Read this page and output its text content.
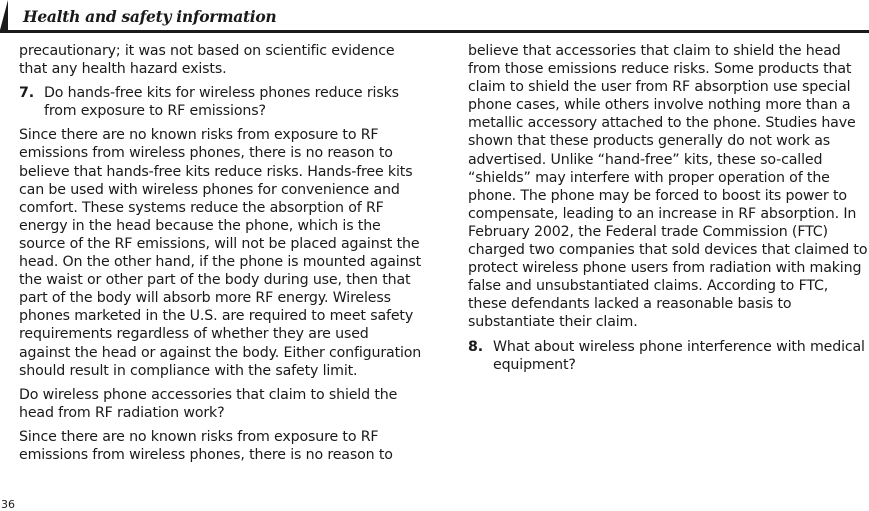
Health and safety information

precautionary; it was not based on scientific evidence that any health hazard exists.

7. Do hands-free kits for wireless phones reduce risks from exposure to RF emissions?

Since there are no known risks from exposure to RF emissions from wireless phones, there is no reason to believe that hands-free kits reduce risks. Hands-free kits can be used with wireless phones for convenience and comfort. These systems reduce the absorption of RF energy in the head because the phone, which is the source of the RF emissions, will not be placed against the head. On the other hand, if the phone is mounted against the waist or other part of the body during use, then that part of the body will absorb more RF energy. Wireless phones marketed in the U.S. are required to meet safety requirements regardless of whether they are used against the head or against the body. Either configuration should result in compliance with the safety limit.

Do wireless phone accessories that claim to shield the head from RF radiation work?

Since there are no known risks from exposure to RF emissions from wireless phones, there is no reason to

believe that accessories that claim to shield the head from those emissions reduce risks. Some products that claim to shield the user from RF absorption use special phone cases, while others involve nothing more than a metallic accessory attached to the phone. Studies have shown that these products generally do not work as advertised. Unlike “hand-free” kits, these so-called “shields” may interfere with proper operation of the phone. The phone may be forced to boost its power to compensate, leading to an increase in RF absorption. In February 2002, the Federal trade Commission (FTC) charged two companies that sold devices that claimed to protect wireless phone users from radiation with making false and unsubstantiated claims. According to FTC, these defendants lacked a reasonable basis to substantiate their claim.

8. What about wireless phone interference with medical equipment?
36
